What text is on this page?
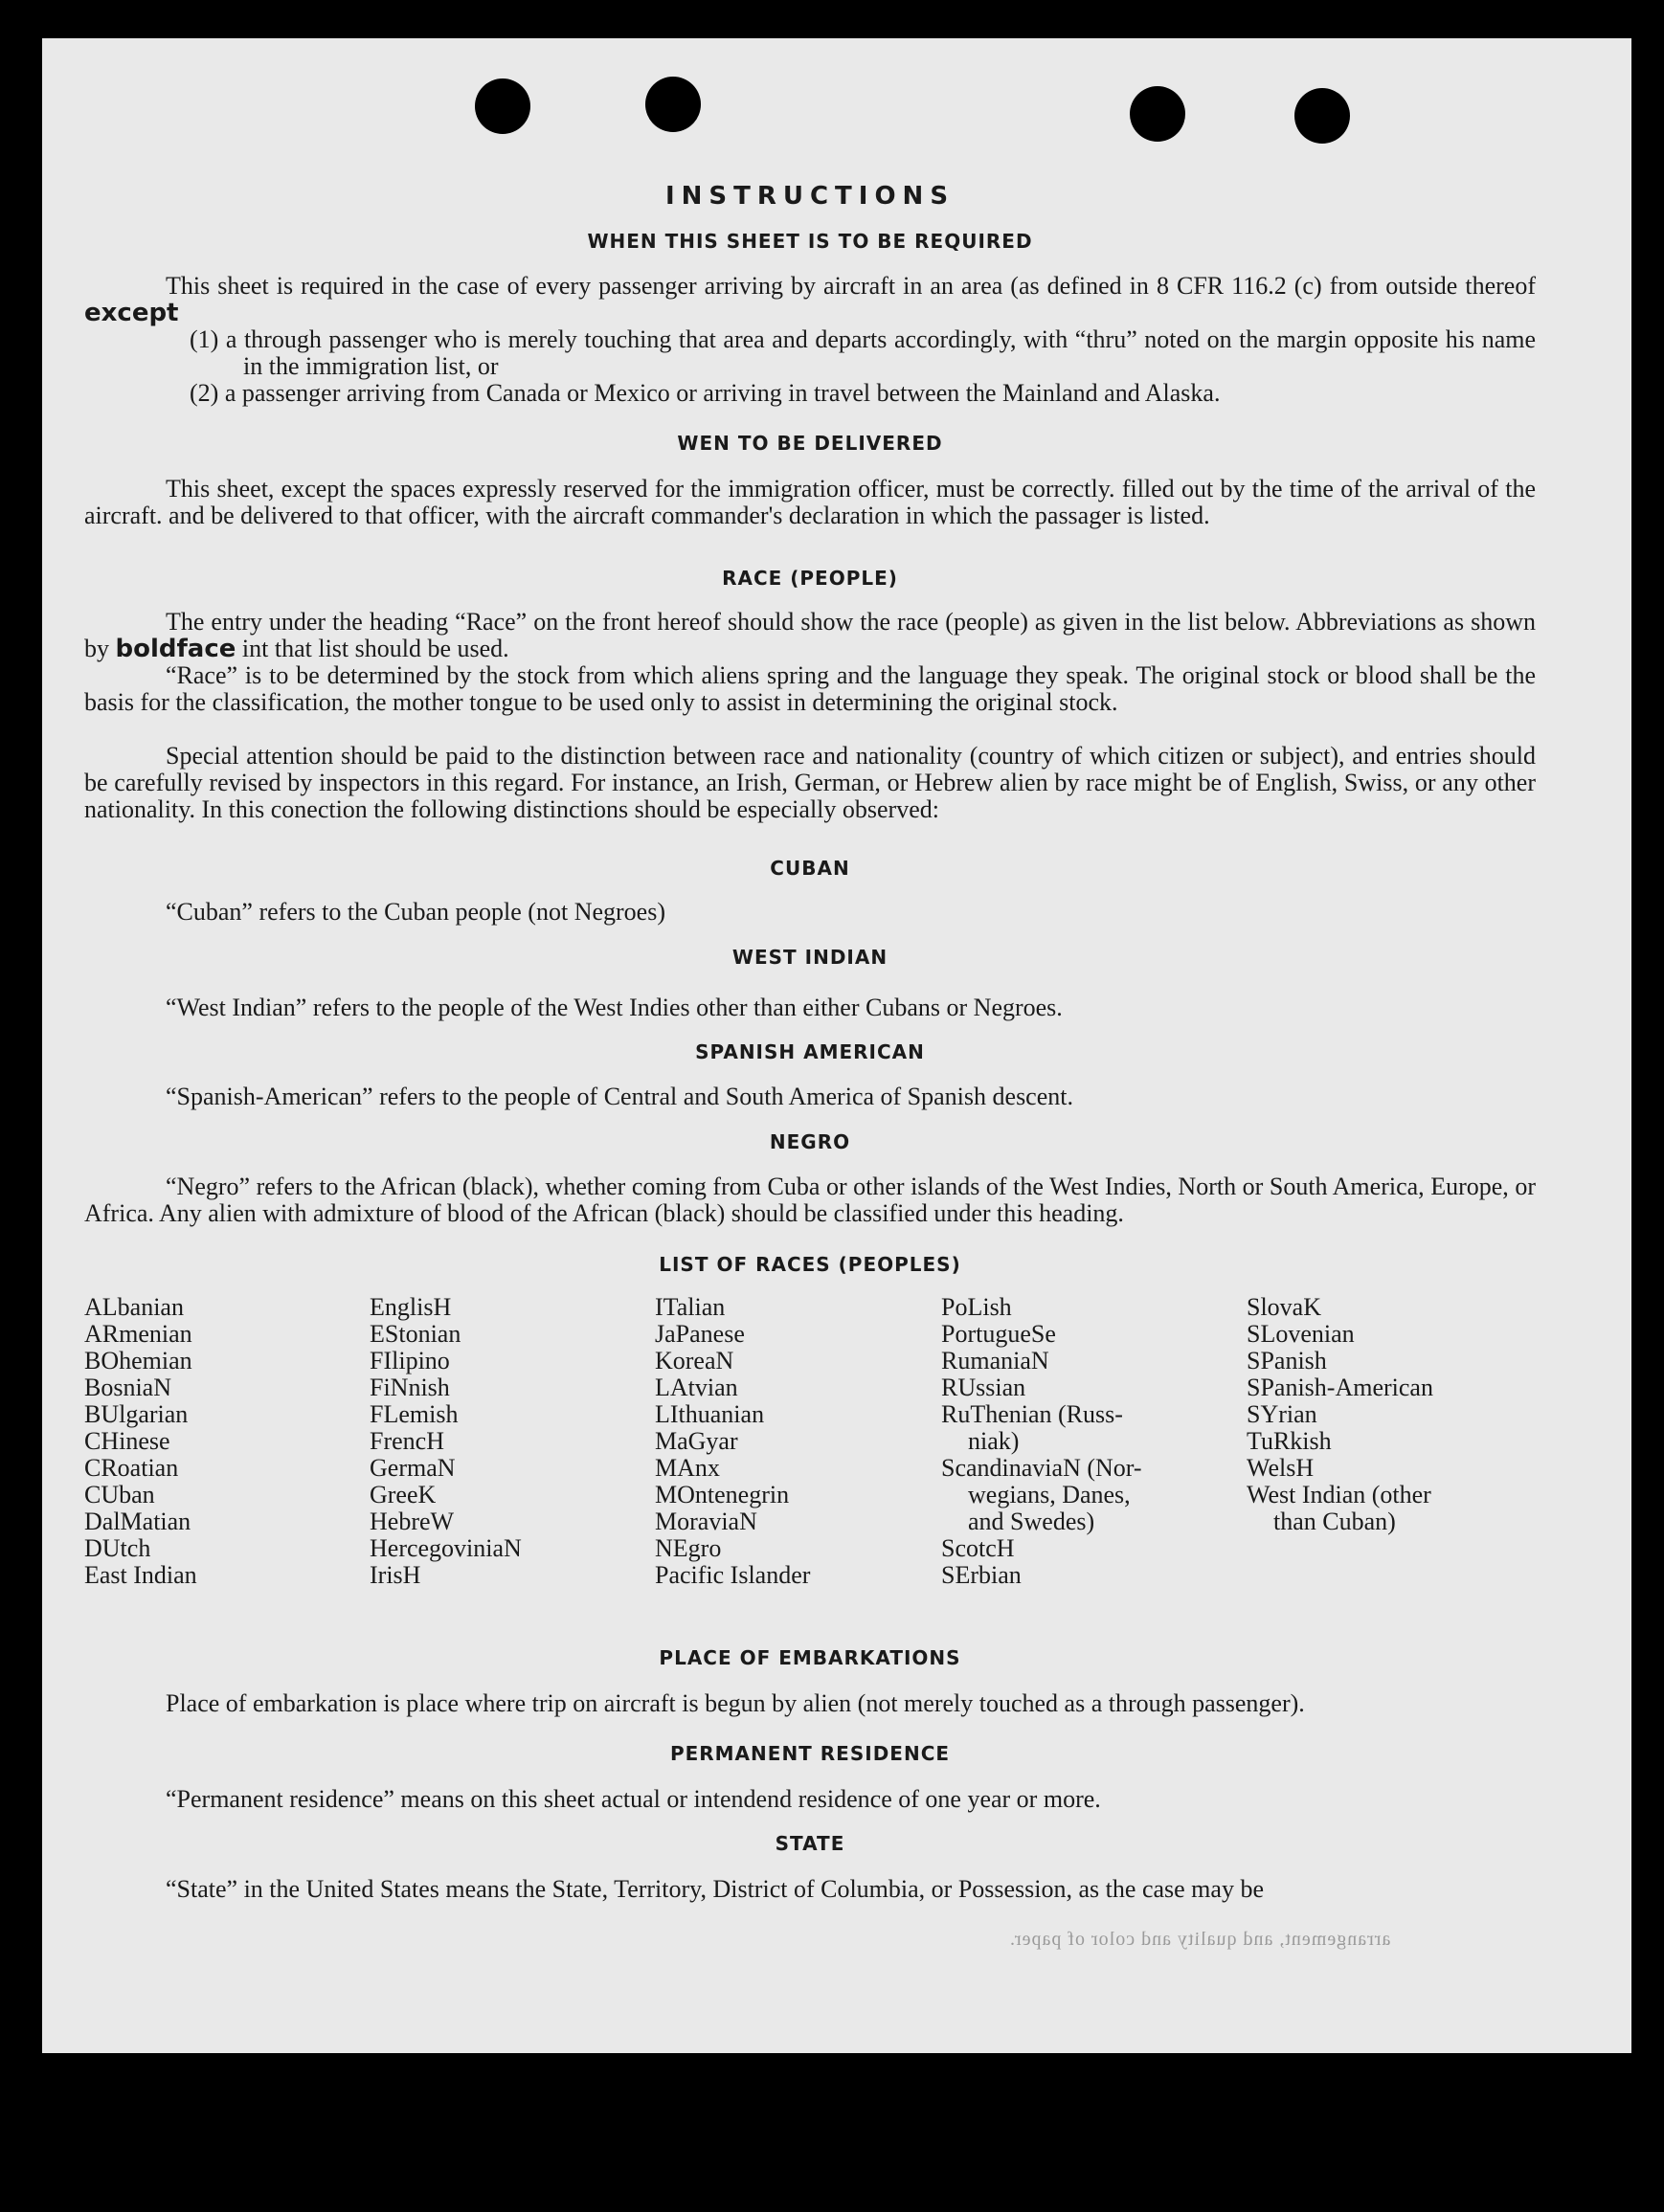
INSTRUCTIONS
WHEN THIS SHEET IS TO BE REQUIRED
This sheet is required in the case of every passenger arriving by aircraft in an area (as defined in 8 CFR 116.2 (c) from outside thereof except
(1) a through passenger who is merely touching that area and departs accordingly, with “thru” noted on the margin opposite his name in the immigration list, or
(2) a passenger arriving from Canada or Mexico or arriving in travel between the Mainland and Alaska.
WEN TO BE DELIVERED
This sheet, except the spaces expressly reserved for the immigration officer, must be correctly. filled out by the time of the arrival of the aircraft. and be delivered to that officer, with the aircraft commander's declaration in which the passager is listed.
RACE (PEOPLE)
The entry under the heading “Race” on the front hereof should show the race (people) as given in the list below. Abbreviations as shown by boldface int that list should be used.
“Race” is to be determined by the stock from which aliens spring and the language they speak. The original stock or blood shall be the basis for the classification, the mother tongue to be used only to assist in determining the original stock.
Special attention should be paid to the distinction between race and nationality (country of which citizen or subject), and entries should be carefully revised by inspectors in this regard. For instance, an Irish, German, or Hebrew alien by race might be of English, Swiss, or any other nationality. In this conection the following distinctions should be especially observed:
CUBAN
“Cuban” refers to the Cuban people (not Negroes)
WEST INDIAN
“West Indian” refers to the people of the West Indies other than either Cubans or Negroes.
SPANISH AMERICAN
“Spanish-American” refers to the people of Central and South America of Spanish descent.
NEGRO
“Negro” refers to the African (black), whether coming from Cuba or other islands of the West Indies, North or South America, Europe, or Africa. Any alien with admixture of blood of the African (black) should be classified under this heading.
LIST OF RACES (PEOPLES)
ALbanian
ARmenian
BOhemian
BosniaN
BUlgarian
CHinese
CRoatian
CUban
DalMatian
DUtch
East Indian
EnglisH
EStonian
FIlipino
FiNnish
FLemish
FrencH
GermaN
GreeK
HebreW
HercegoviniaN
IrisH
ITalian
JaPanese
KoreaN
LAtvian
LIthuanian
MaGyar
MAnx
MOntenegrin
MoraviaN
NEgro
Pacific Islander
PoLish
PortugueSe
RumaniaN
RUssian
RuThenian (Russ-
niak)
ScandinaviaN (Nor-
wegians, Danes,
and Swedes)
ScotcH
SErbian
SlovaK
SLovenian
SPanish
SPanish-American
SYrian
TuRkish
WelsH
West Indian (other
than Cuban)
PLACE OF EMBARKATIONS
Place of embarkation is place where trip on aircraft is begun by alien (not merely touched as a through passenger).
PERMANENT RESIDENCE
“Permanent residence” means on this sheet actual or intendend residence of one year or more.
STATE
“State” in the United States means the State, Territory, District of Columbia, or Possession, as the case may be
arrangement, and quality and color of paper.
